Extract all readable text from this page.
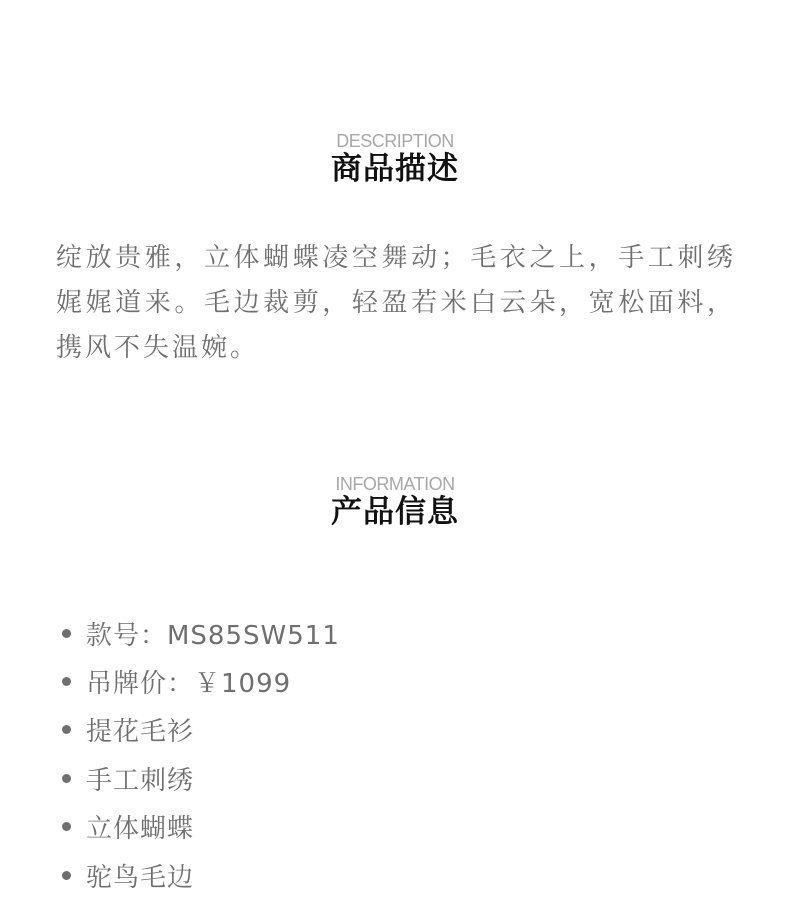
DESCRIPTION
商品描述

绽放贵雅，立体蝴蝶凌空舞动；毛衣之上，手工刺绣娓娓道来。毛边裁剪，轻盈若米白云朵，宽松面料，携风不失温婉。

INFORMATION
产品信息
款号：MS85SW511
吊牌价：￥1099
提花毛衫
手工刺绣
立体蝴蝶
驼鸟毛边
